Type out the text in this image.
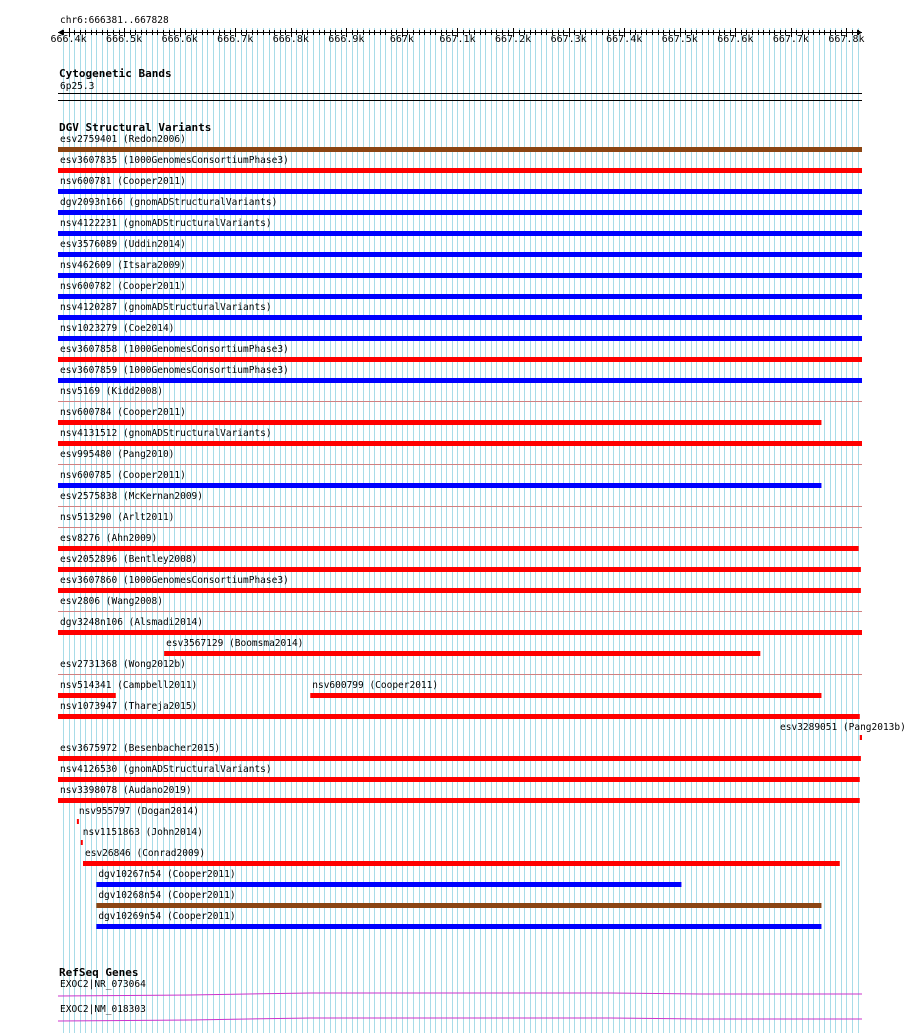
chr6:666381..667828
666.4k 666.5k 666.6k 666.7k 666.8k 666.9k	667k	667.1k 667.2k 667.3k 667.4k 667.5k 667.6k 667.7k 667.8k
Cytogenetic Bands
6p25.3
DGV Structural Variants
esv2759401 (Redon2006)
esv3607835 (1000GenomesConsortiumPhase3)
nsv600781 (Cooper2011)
dgv2093n166 (gnomADStructuralVariants)
nsv4122231 (gnomADStructuralVariants)
esv3576089 (Uddin2014)
nsv462609 (Itsara2009)
nsv600782 (Cooper2011)
nsv4120287 (gnomADStructuralVariants)
nsv1023279 (Coe2014)
esv3607858 (1000GenomesConsortiumPhase3)
esv3607859 (1000GenomesConsortiumPhase3)
nsv5169 (Kidd2008)
nsv600784 (Cooper2011)
nsv4131512 (gnomADStructuralVariants)
esv995480 (Pang2010)
nsv600785 (Cooper2011)
esv2575838 (McKernan2009)
nsv513290 (Arlt2011)
esv8276 (Ahn2009)
esv2052896 (Bentley2008)
esv3607860 (1000GenomesConsortiumPhase3)
esv2806 (Wang2008)
dgv3248n106 (Alsmadi2014)
esv3567129 (Boomsma2014)
esv2731368 (Wong2012b)
nsv514341 (Campbell2011)	nsv600799 (Cooper2011)
nsv1073947 (Thareja2015)
esv3289051 (Pang2013b)
esv3675972 (Besenbacher2015)
nsv4126530 (gnomADStructuralVariants)
nsv3398078 (Audano2019)
nsv955797 (Dogan2014)
nsv1151863 (John2014)
esv26846 (Conrad2009)
dgv10267n54 (Cooper2011)
dgv10268n54 (Cooper2011)
dgv10269n54 (Cooper2011)
RefSeq Genes
EXOC2|NR_073064
EXOC2|NM_018303
